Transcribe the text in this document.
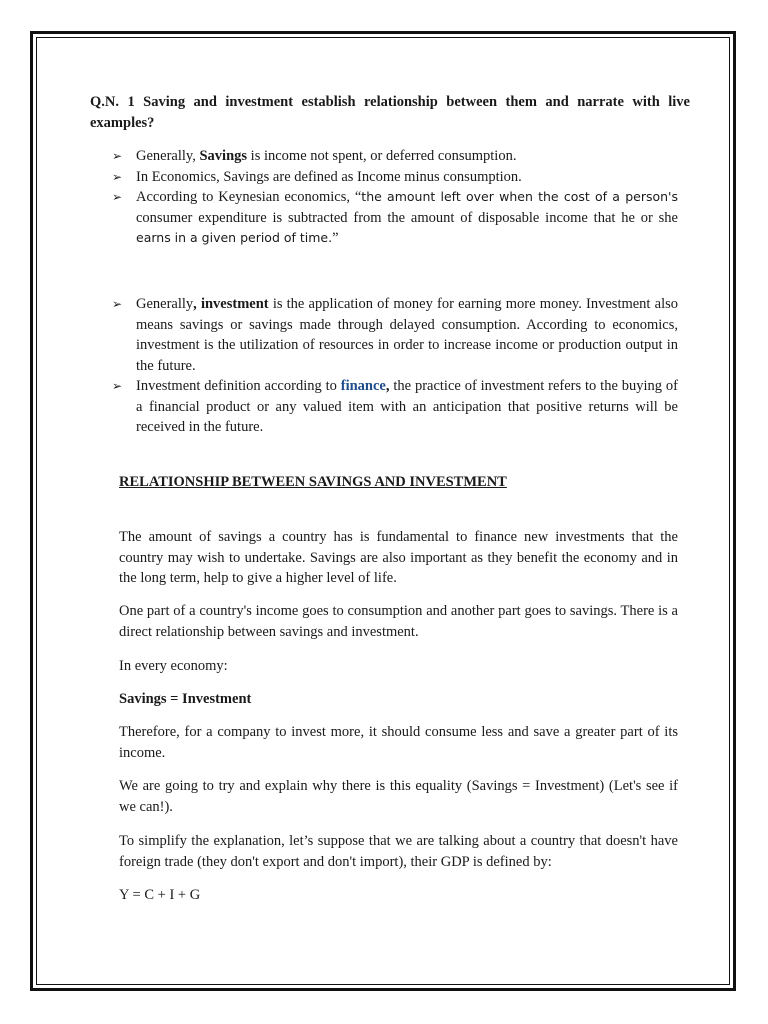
Q.N. 1 Saving and investment establish relationship between them and narrate with live examples?
➢ Generally, Savings is income not spent, or deferred consumption.
➢ In Economics, Savings are defined as Income minus consumption.
➢ According to Keynesian economics, “the amount left over when the cost of a person's consumer expenditure is subtracted from the amount of disposable income that he or she earns in a given period of time.”
➢ Generally, investment is the application of money for earning more money. Investment also means savings or savings made through delayed consumption. According to economics, investment is the utilization of resources in order to increase income or production output in the future.
➢ Investment definition according to finance, the practice of investment refers to the buying of a financial product or any valued item with an anticipation that positive returns will be received in the future.
RELATIONSHIP BETWEEN SAVINGS AND INVESTMENT
The amount of savings a country has is fundamental to finance new investments that the country may wish to undertake. Savings are also important as they benefit the economy and in the long term, help to give a higher level of life.
One part of a country's income goes to consumption and another part goes to savings. There is a direct relationship between savings and investment.
In every economy:
Savings = Investment
Therefore, for a company to invest more, it should consume less and save a greater part of its income.
We are going to try and explain why there is this equality (Savings = Investment) (Let's see if we can!).
To simplify the explanation, let’s suppose that we are talking about a country that doesn't have foreign trade (they don't export and don't import), their GDP is defined by:
Y = C + I + G
